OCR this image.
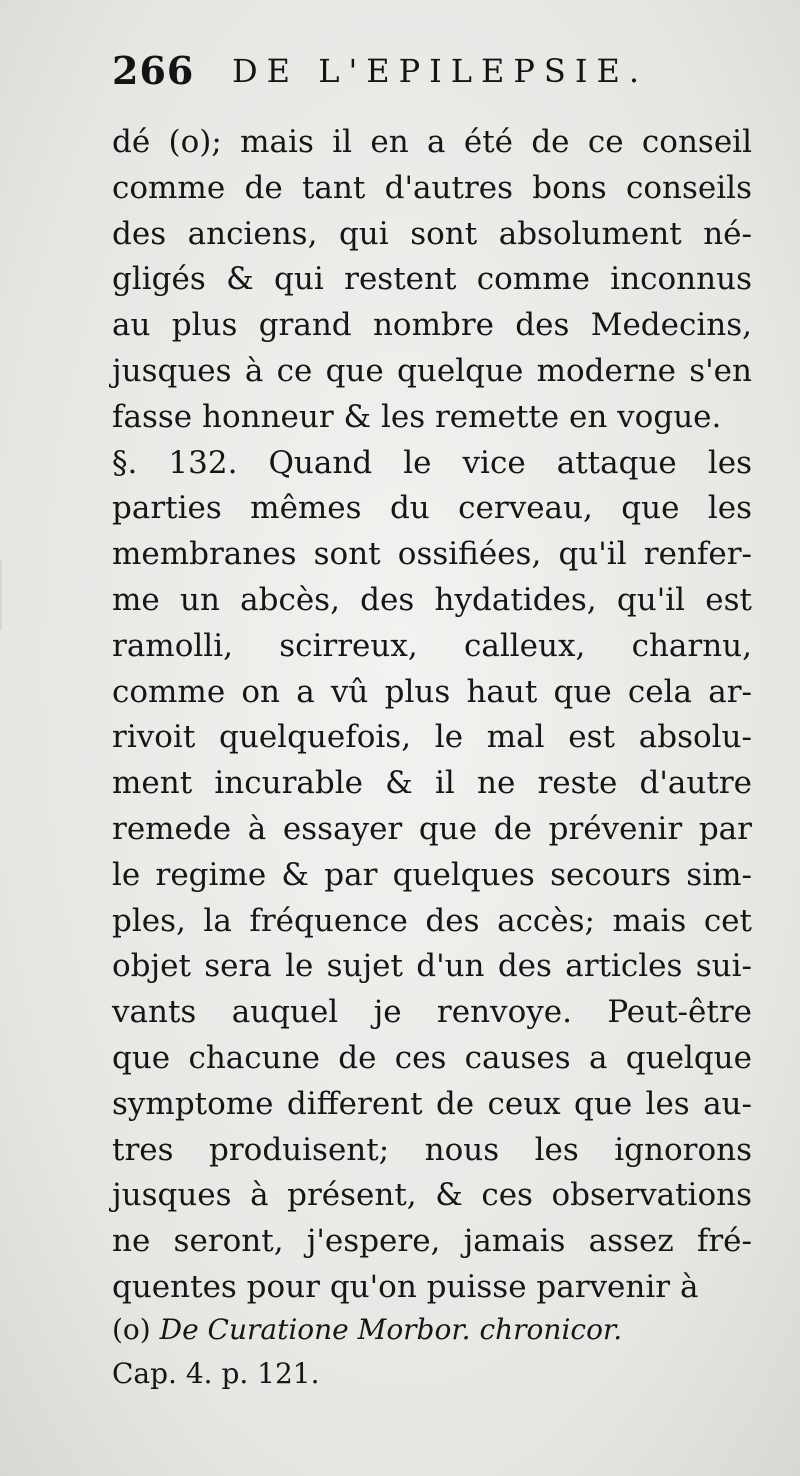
266 DE L'EPILEPSIE.
dé (o); mais il en a été de ce conseil
comme de tant d'autres bons conseils
des anciens, qui sont absolument né-
gligés & qui restent comme inconnus
au plus grand nombre des Medecins,
jusques à ce que quelque moderne s'en
fasse honneur & les remette en vogue.
§. 132. Quand le vice attaque les
parties mêmes du cerveau, que les
membranes sont ossifiées, qu'il renfer-
me un abcès, des hydatides, qu'il est
ramolli, scirreux, calleux, charnu,
comme on a vû plus haut que cela ar-
rivoit quelquefois, le mal est absolu-
ment incurable & il ne reste d'autre
remede à essayer que de prévenir par
le regime & par quelques secours sim-
ples, la fréquence des accès; mais cet
objet sera le sujet d'un des articles sui-
vants auquel je renvoye. Peut-être
que chacune de ces causes a quelque
symptome different de ceux que les au-
tres produisent; nous les ignorons
jusques à présent, & ces observations
ne seront, j'espere, jamais assez fré-
quentes pour qu'on puisse parvenir à
(o) De Curatione Morbor. chronicor.
Cap. 4. p. 121.
